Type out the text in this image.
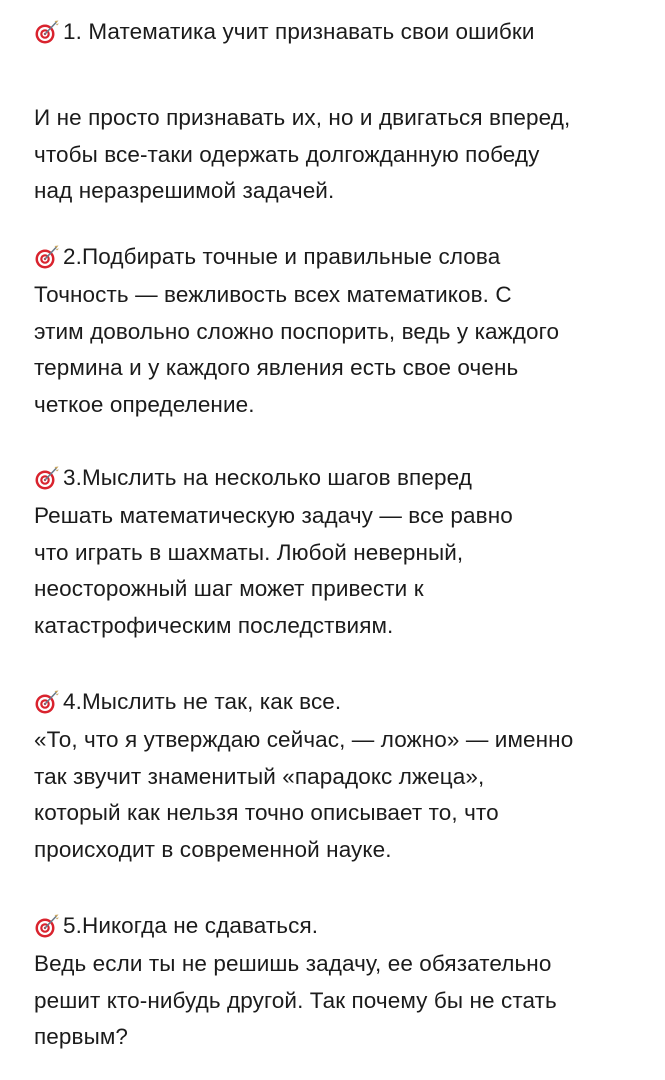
1. Математика учит признавать свои ошибки
И не просто признавать их, но и двигаться вперед,
чтобы все-таки одержать долгожданную победу
над неразрешимой задачей.
2.Подбирать точные и правильные слова
Точность — вежливость всех математиков. С
этим довольно сложно поспорить, ведь у каждого
термина и у каждого явления есть свое очень
четкое определение.
3.Мыслить на несколько шагов вперед
Решать математическую задачу — все равно
что играть в шахматы. Любой неверный,
неосторожный шаг может привести к
катастрофическим последствиям.
4.Мыслить не так, как все.
«То, что я утверждаю сейчас, — ложно» — именно
так звучит знаменитый «парадокс лжеца»,
который как нельзя точно описывает то, что
происходит в современной науке.
5.Никогда не сдаваться.
Ведь если ты не решишь задачу, ее обязательно
решит кто-нибудь другой. Так почему бы не стать
первым?
